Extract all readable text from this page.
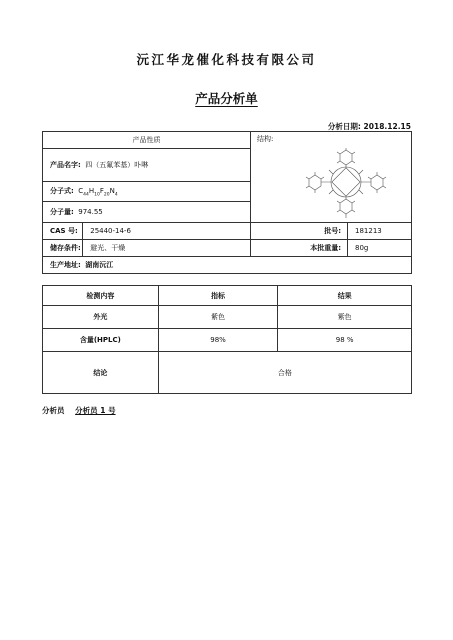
沅江华龙催化科技有限公司
产品分析单
分析日期: 2018.12.15
产品性质		结构:	

产品名字: 四（五氟苯基）卟啉			
分子式: $C_{44}H_{10}F_{20}N_4$
分子量: 974.55			
CAS 号:	25440-14-6	批号:	181213
储存条件:	避光、干燥	本批重量:	80g
生产地址: 湖南沅江			
检测内容	指标	结果
外光	紫色	紫色
含量(HPLC)	98%	98 %
结论	合格	
分析员 分析员 1 号
